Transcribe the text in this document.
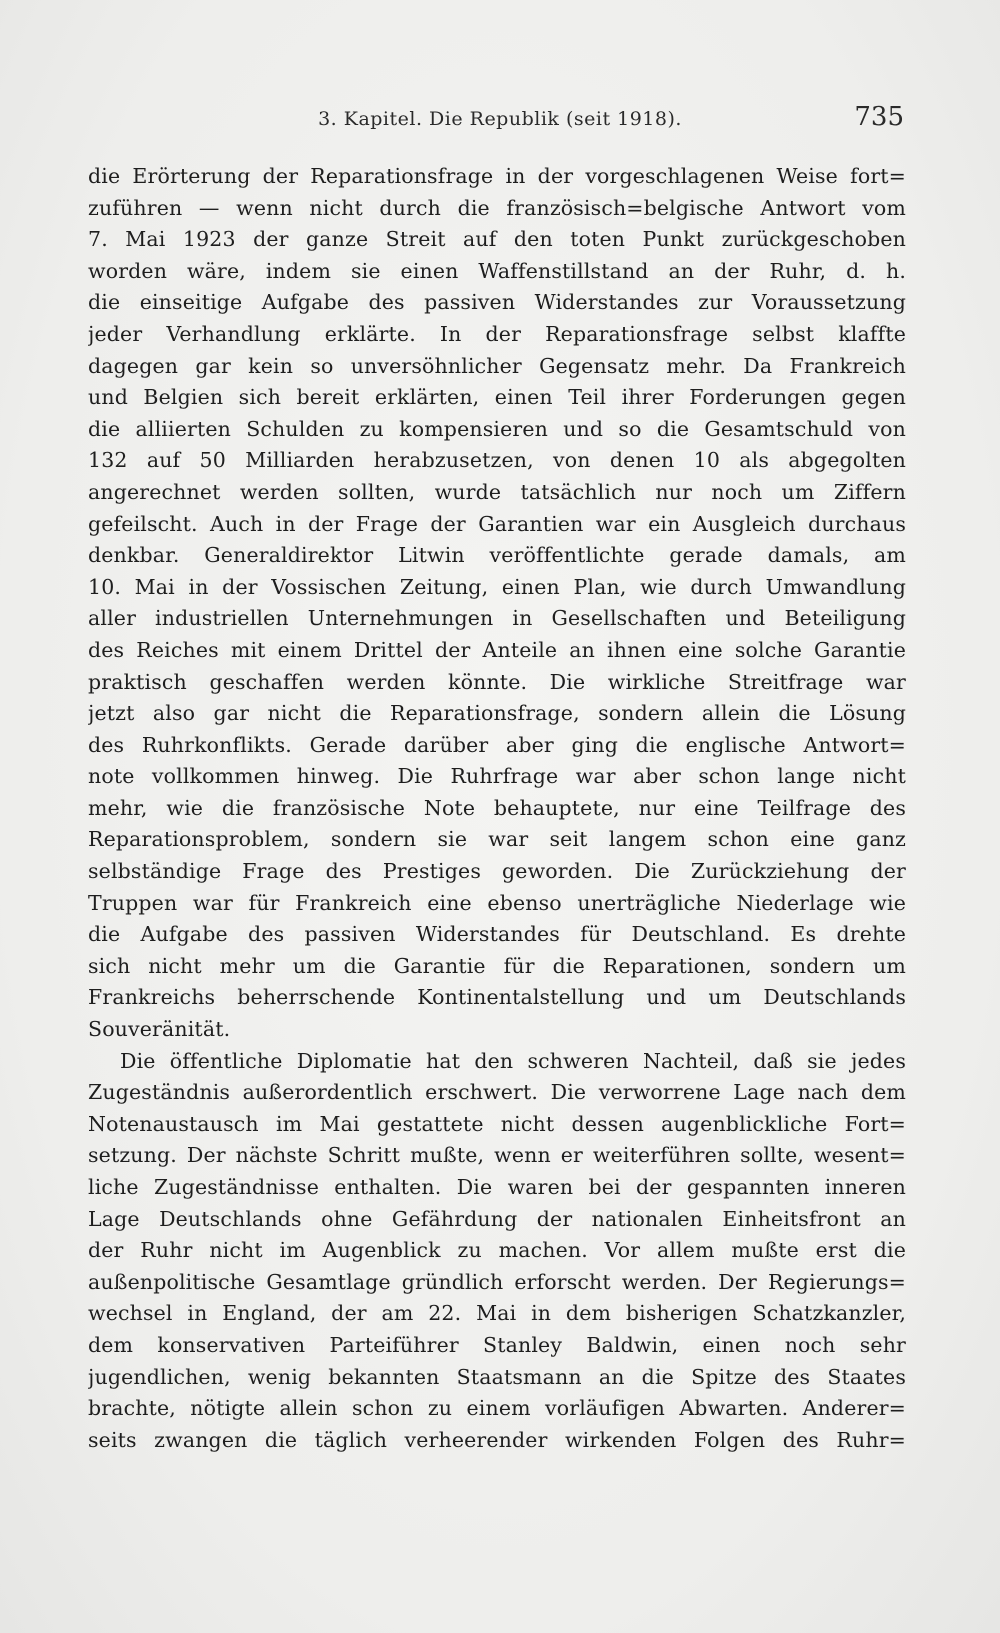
3. Kapitel. Die Republik (seit 1918).	735
die Erörterung der Reparationsfrage in der vorgeschlagenen Weise fort=
zuführen — wenn nicht durch die französisch=belgische Antwort vom
7. Mai 1923 der ganze Streit auf den toten Punkt zurückgeschoben
worden wäre, indem sie einen Waffenstillstand an der Ruhr, d. h.
die einseitige Aufgabe des passiven Widerstandes zur Voraussetzung
jeder Verhandlung erklärte. In der Reparationsfrage selbst klaffte
dagegen gar kein so unversöhnlicher Gegensatz mehr. Da Frankreich
und Belgien sich bereit erklärten, einen Teil ihrer Forderungen gegen
die alliierten Schulden zu kompensieren und so die Gesamtschuld von
132 auf 50 Milliarden herabzusetzen, von denen 10 als abgegolten
angerechnet werden sollten, wurde tatsächlich nur noch um Ziffern
gefeilscht. Auch in der Frage der Garantien war ein Ausgleich durchaus
denkbar. Generaldirektor Litwin veröffentlichte gerade damals, am
10. Mai in der Vossischen Zeitung, einen Plan, wie durch Umwandlung
aller industriellen Unternehmungen in Gesellschaften und Beteiligung
des Reiches mit einem Drittel der Anteile an ihnen eine solche Garantie
praktisch geschaffen werden könnte. Die wirkliche Streitfrage war
jetzt also gar nicht die Reparationsfrage, sondern allein die Lösung
des Ruhrkonflikts. Gerade darüber aber ging die englische Antwort=
note vollkommen hinweg. Die Ruhrfrage war aber schon lange nicht
mehr, wie die französische Note behauptete, nur eine Teilfrage des
Reparationsproblem, sondern sie war seit langem schon eine ganz
selbständige Frage des Prestiges geworden. Die Zurückziehung der
Truppen war für Frankreich eine ebenso unerträgliche Niederlage wie
die Aufgabe des passiven Widerstandes für Deutschland. Es drehte
sich nicht mehr um die Garantie für die Reparationen, sondern um
Frankreichs beherrschende Kontinentalstellung und um Deutschlands
Souveränität.
Die öffentliche Diplomatie hat den schweren Nachteil, daß sie jedes
Zugeständnis außerordentlich erschwert. Die verworrene Lage nach dem
Notenaustausch im Mai gestattete nicht dessen augenblickliche Fort=
setzung. Der nächste Schritt mußte, wenn er weiterführen sollte, wesent=
liche Zugeständnisse enthalten. Die waren bei der gespannten inneren
Lage Deutschlands ohne Gefährdung der nationalen Einheitsfront an
der Ruhr nicht im Augenblick zu machen. Vor allem mußte erst die
außenpolitische Gesamtlage gründlich erforscht werden. Der Regierungs=
wechsel in England, der am 22. Mai in dem bisherigen Schatzkanzler,
dem konservativen Parteiführer Stanley Baldwin, einen noch sehr
jugendlichen, wenig bekannten Staatsmann an die Spitze des Staates
brachte, nötigte allein schon zu einem vorläufigen Abwarten. Anderer=
seits zwangen die täglich verheerender wirkenden Folgen des Ruhr=
